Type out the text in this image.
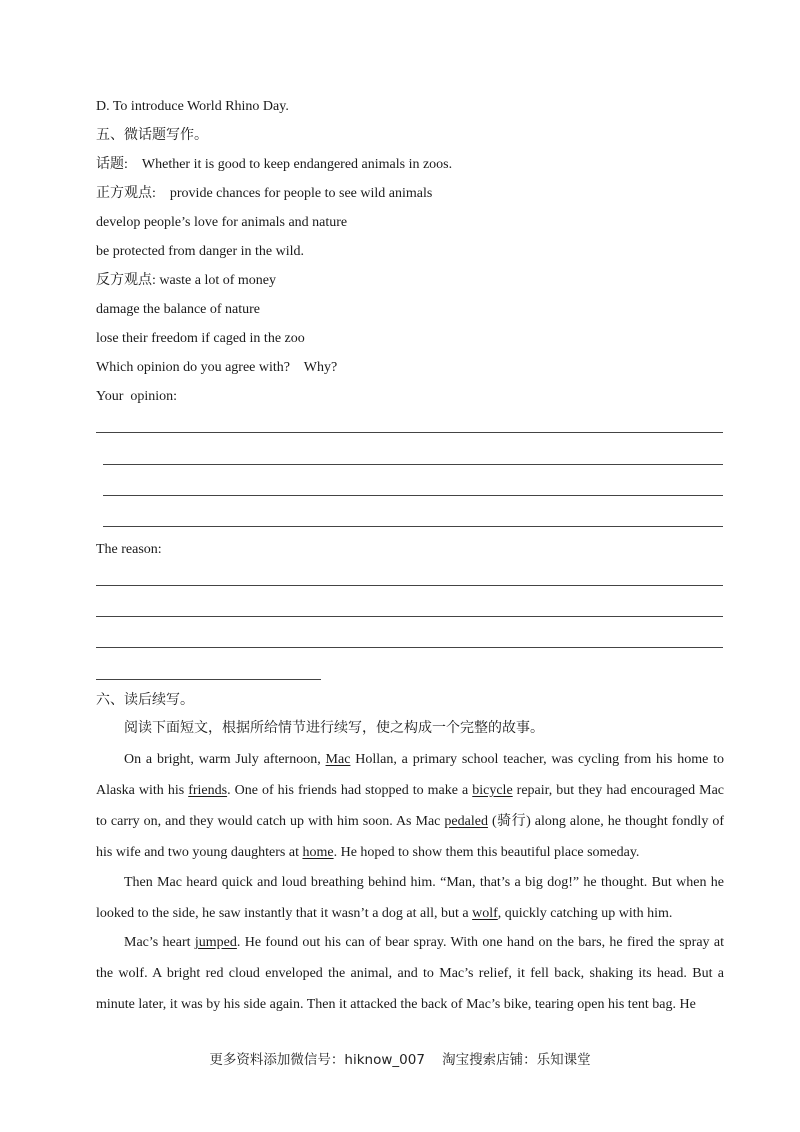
D. To introduce World Rhino Day.
五、微话题写作。
话题: Whether it is good to keep endangered animals in zoos.
正方观点: provide chances for people to see wild animals
develop people’s love for animals and nature
be protected from danger in the wild.
反方观点: waste a lot of money
damage the balance of nature
lose their freedom if caged in the zoo
Which opinion do you agree with?    Why?
Your  opinion:
The reason:
六、读后续写。
阅读下面短文，根据所给情节进行续写，使之构成一个完整的故事。
On a bright, warm July afternoon, Mac Hollan, a primary school teacher, was cycling from his home to Alaska with his friends. One of his friends had stopped to make a bicycle repair, but they had encouraged Mac to carry on, and they would catch up with him soon. As Mac pedaled (骑行) along alone, he thought fondly of his wife and two young daughters at home. He hoped to show them this beautiful place someday.
Then Mac heard quick and loud breathing behind him. “Man, that’s a big dog!” he thought. But when he looked to the side, he saw instantly that it wasn’t a dog at all, but a wolf, quickly catching up with him.
Mac’s heart jumped. He found out his can of bear spray. With one hand on the bars, he fired the spray at the wolf. A bright red cloud enveloped the animal, and to Mac’s relief, it fell back, shaking its head. But a minute later, it was by his side again. Then it attacked the back of Mac’s bike, tearing open his tent bag. He
更多资料添加微信号：hiknow_007    淘宝搜索店铺：乐知课堂
